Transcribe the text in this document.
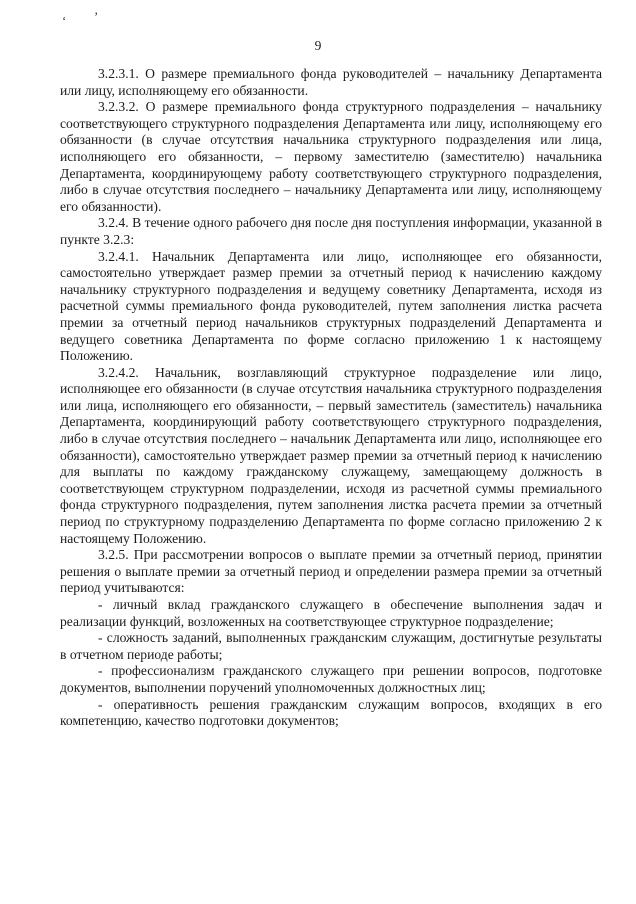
ʻ ʼ
9

3.2.3.1. О размере премиального фонда руководителей – начальнику Департамента или лицу, исполняющему его обязанности.

3.2.3.2. О размере премиального фонда структурного подразделения – начальнику соответствующего структурного подразделения Департамента или лицу, исполняющему его обязанности (в случае отсутствия начальника структурного подразделения или лица, исполняющего его обязанности, – первому заместителю (заместителю) начальника Департамента, координирующему работу соответствующего структурного подразделения, либо в случае отсутствия последнего – начальнику Департамента или лицу, исполняющему его обязанности).

3.2.4. В течение одного рабочего дня после дня поступления информации, указанной в пункте 3.2.3:

3.2.4.1. Начальник Департамента или лицо, исполняющее его обязанности, самостоятельно утверждает размер премии за отчетный период к начислению каждому начальнику структурного подразделения и ведущему советнику Департамента, исходя из расчетной суммы премиального фонда руководителей, путем заполнения листка расчета премии за отчетный период начальников структурных подразделений Департамента и ведущего советника Департамента по форме согласно приложению 1 к настоящему Положению.

3.2.4.2. Начальник, возглавляющий структурное подразделение или лицо, исполняющее его обязанности (в случае отсутствия начальника структурного подразделения или лица, исполняющего его обязанности, – первый заместитель (заместитель) начальника Департамента, координирующий работу соответствующего структурного подразделения, либо в случае отсутствия последнего – начальник Департамента или лицо, исполняющее его обязанности), самостоятельно утверждает размер премии за отчетный период к начислению для выплаты по каждому гражданскому служащему, замещающему должность в соответствующем структурном подразделении, исходя из расчетной суммы премиального фонда структурного подразделения, путем заполнения листка расчета премии за отчетный период по структурному подразделению Департамента по форме согласно приложению 2 к настоящему Положению.

3.2.5. При рассмотрении вопросов о выплате премии за отчетный период, принятии решения о выплате премии за отчетный период и определении размера премии за отчетный период учитываются:

- личный вклад гражданского служащего в обеспечение выполнения задач и реализации функций, возложенных на соответствующее структурное подразделение;

- сложность заданий, выполненных гражданским служащим, достигнутые результаты в отчетном периоде работы;

- профессионализм гражданского служащего при решении вопросов, подготовке документов, выполнении поручений уполномоченных должностных лиц;

- оперативность решения гражданским служащим вопросов, входящих в его компетенцию, качество подготовки документов;
